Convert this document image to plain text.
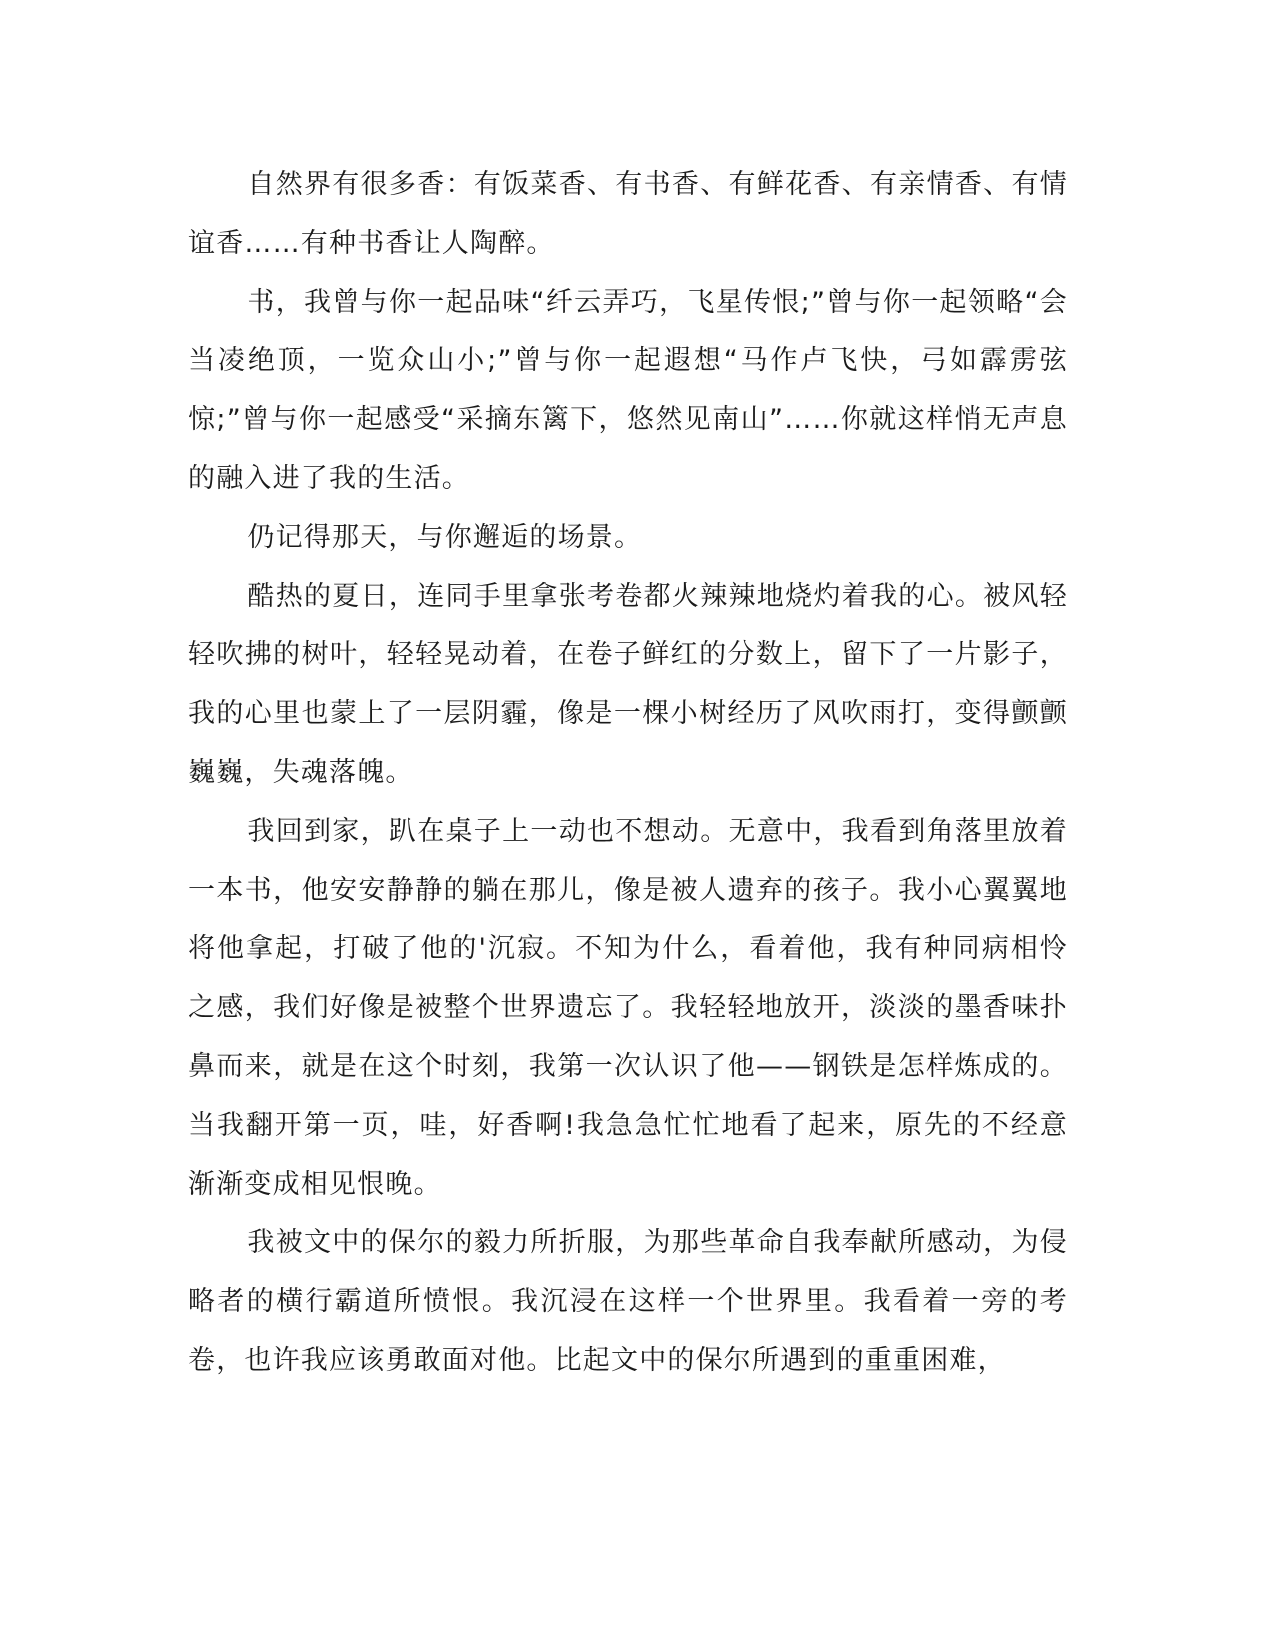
自然界有很多香：有饭菜香、有书香、有鲜花香、有亲情香、有情谊香……有种书香让人陶醉。

书，我曾与你一起品味“纤云弄巧，飞星传恨;”曾与你一起领略“会当凌绝顶，一览众山小;”曾与你一起遐想“马作卢飞快，弓如霹雳弦惊;”曾与你一起感受“采摘东篱下，悠然见南山”……你就这样悄无声息的融入进了我的生活。

仍记得那天，与你邂逅的场景。

酷热的夏日，连同手里拿张考卷都火辣辣地烧灼着我的心。被风轻轻吹拂的树叶，轻轻晃动着，在卷子鲜红的分数上，留下了一片影子，我的心里也蒙上了一层阴霾，像是一棵小树经历了风吹雨打，变得颤颤巍巍，失魂落魄。

我回到家，趴在桌子上一动也不想动。无意中，我看到角落里放着一本书，他安安静静的躺在那儿，像是被人遗弃的孩子。我小心翼翼地将他拿起，打破了他的'沉寂。不知为什么，看着他，我有种同病相怜之感，我们好像是被整个世界遗忘了。我轻轻地放开，淡淡的墨香味扑鼻而来，就是在这个时刻，我第一次认识了他——钢铁是怎样炼成的。当我翻开第一页，哇，好香啊!我急急忙忙地看了起来，原先的不经意渐渐变成相见恨晚。

我被文中的保尔的毅力所折服，为那些革命自我奉献所感动，为侵略者的横行霸道所愤恨。我沉浸在这样一个世界里。我看着一旁的考卷，也许我应该勇敢面对他。比起文中的保尔所遇到的重重困难，
